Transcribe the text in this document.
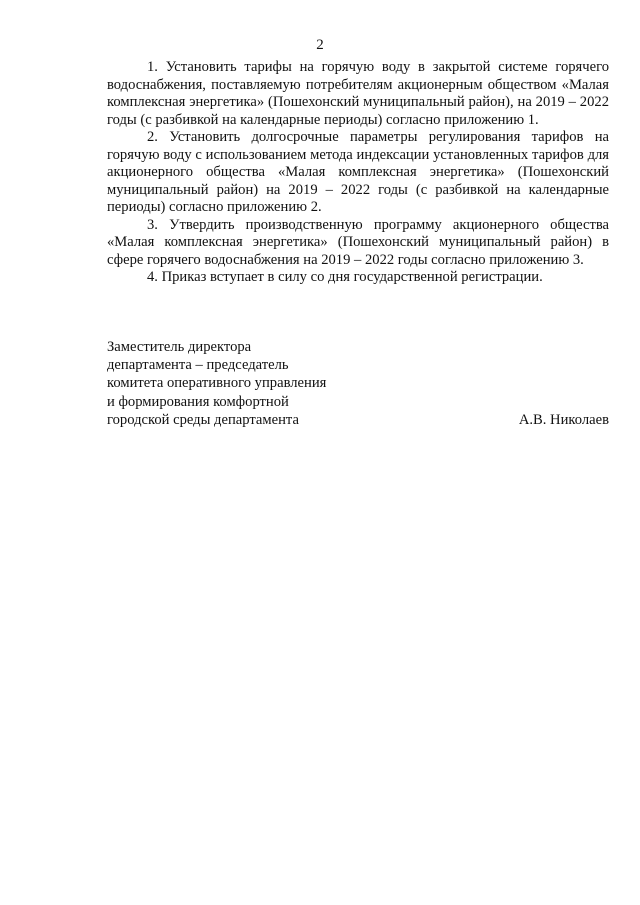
2

1. Установить тарифы на горячую воду в закрытой системе горячего водоснабжения, поставляемую потребителям акционерным обществом «Малая комплексная энергетика» (Пошехонский муниципальный район), на 2019 – 2022 годы (с разбивкой на календарные периоды) согласно приложению 1.

2. Установить долгосрочные параметры регулирования тарифов на горячую воду с использованием метода индексации установленных тарифов для акционерного общества «Малая комплексная энергетика» (Пошехонский муниципальный район) на 2019 – 2022 годы (с разбивкой на календарные периоды) согласно приложению 2.

3. Утвердить производственную программу акционерного общества «Малая комплексная энергетика» (Пошехонский муниципальный район) в сфере горячего водоснабжения на 2019 – 2022 годы согласно приложению 3.

4. Приказ вступает в силу со дня государственной регистрации.

Заместитель директора
департамента – председатель
комитета оперативного управления
и формирования комфортной
городской среды департамента	А.В. Николаев
